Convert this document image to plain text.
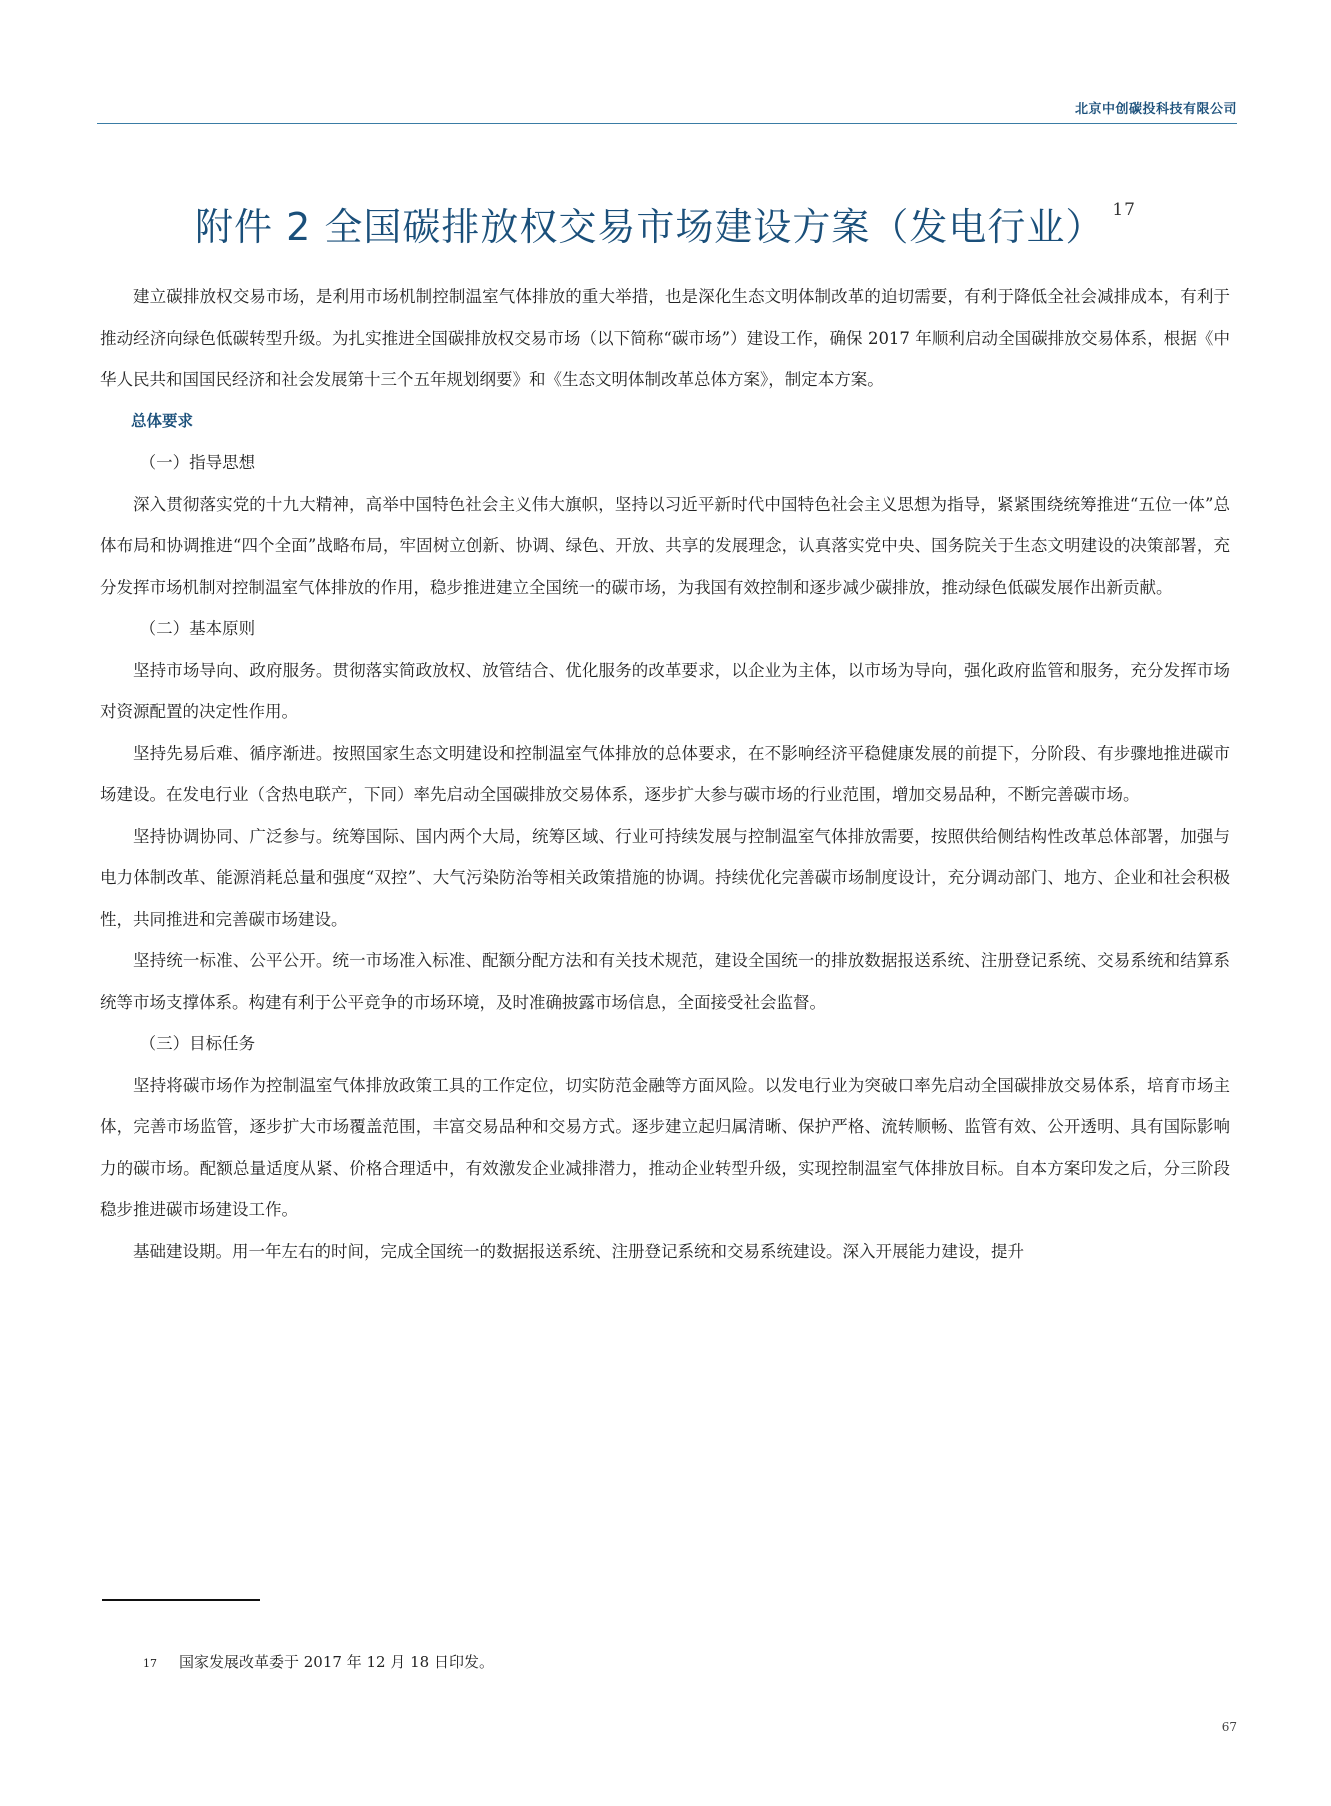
北京中创碳投科技有限公司
附件 2 全国碳排放权交易市场建设方案（发电行业） $^{17}$

建立碳排放权交易市场，是利用市场机制控制温室气体排放的重大举措，也是深化生态文明体制改革的迫切需要，有利于降低全社会减排成本，有利于推动经济向绿色低碳转型升级。为扎实推进全国碳排放权交易市场（以下简称“碳市场”）建设工作，确保 2017 年顺利启动全国碳排放交易体系，根据《中华人民共和国国民经济和社会发展第十三个五年规划纲要》和《生态文明体制改革总体方案》，制定本方案。

总体要求

（一）指导思想

深入贯彻落实党的十九大精神，高举中国特色社会主义伟大旗帜，坚持以习近平新时代中国特色社会主义思想为指导，紧紧围绕统筹推进“五位一体”总体布局和协调推进“四个全面”战略布局，牢固树立创新、协调、绿色、开放、共享的发展理念，认真落实党中央、国务院关于生态文明建设的决策部署，充分发挥市场机制对控制温室气体排放的作用，稳步推进建立全国统一的碳市场，为我国有效控制和逐步减少碳排放，推动绿色低碳发展作出新贡献。

（二）基本原则

坚持市场导向、政府服务。贯彻落实简政放权、放管结合、优化服务的改革要求，以企业为主体，以市场为导向，强化政府监管和服务，充分发挥市场对资源配置的决定性作用。

坚持先易后难、循序渐进。按照国家生态文明建设和控制温室气体排放的总体要求，在不影响经济平稳健康发展的前提下，分阶段、有步骤地推进碳市场建设。在发电行业（含热电联产，下同）率先启动全国碳排放交易体系，逐步扩大参与碳市场的行业范围，增加交易品种，不断完善碳市场。

坚持协调协同、广泛参与。统筹国际、国内两个大局，统筹区域、行业可持续发展与控制温室气体排放需要，按照供给侧结构性改革总体部署，加强与电力体制改革、能源消耗总量和强度“双控”、大气污染防治等相关政策措施的协调。持续优化完善碳市场制度设计，充分调动部门、地方、企业和社会积极性，共同推进和完善碳市场建设。

坚持统一标准、公平公开。统一市场准入标准、配额分配方法和有关技术规范，建设全国统一的排放数据报送系统、注册登记系统、交易系统和结算系统等市场支撑体系。构建有利于公平竞争的市场环境，及时准确披露市场信息，全面接受社会监督。

（三）目标任务

坚持将碳市场作为控制温室气体排放政策工具的工作定位，切实防范金融等方面风险。以发电行业为突破口率先启动全国碳排放交易体系，培育市场主体，完善市场监管，逐步扩大市场覆盖范围，丰富交易品种和交易方式。逐步建立起归属清晰、保护严格、流转顺畅、监管有效、公开透明、具有国际影响力的碳市场。配额总量适度从紧、价格合理适中，有效激发企业减排潜力，推动企业转型升级，实现控制温室气体排放目标。自本方案印发之后，分三阶段稳步推进碳市场建设工作。

基础建设期。用一年左右的时间，完成全国统一的数据报送系统、注册登记系统和交易系统建设。深入开展能力建设，提升

17 国家发展改革委于 2017 年 12 月 18 日印发。
67
